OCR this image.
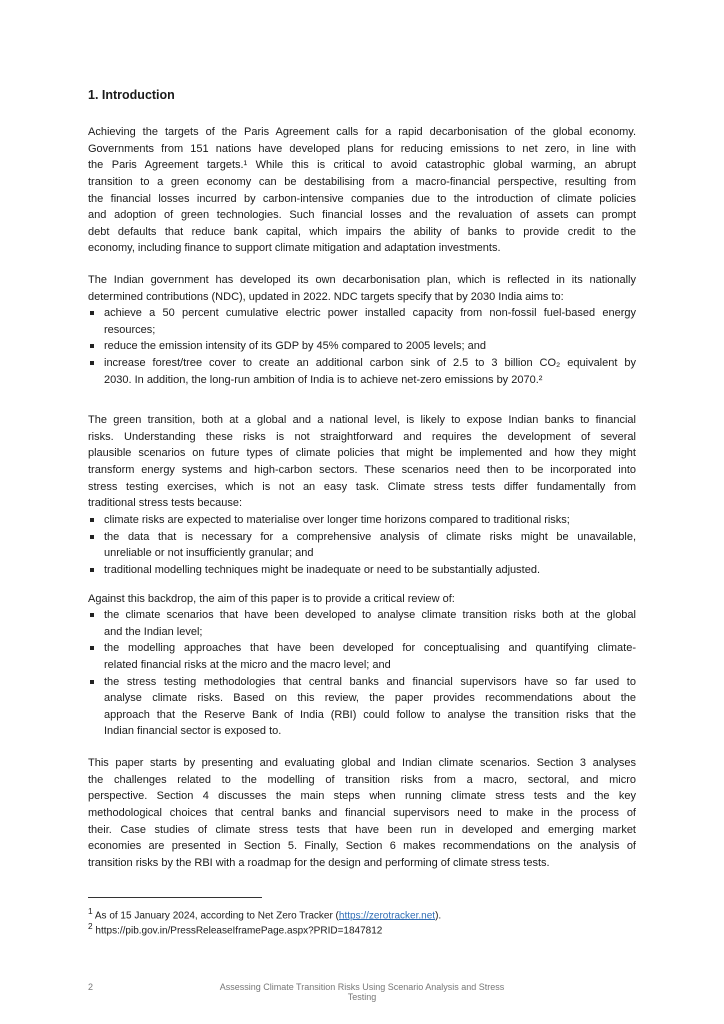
1. Introduction
Achieving the targets of the Paris Agreement calls for a rapid decarbonisation of the global economy.
Governments from 151 nations have developed plans for reducing emissions to net zero, in line with
the Paris Agreement targets.¹ While this is critical to avoid catastrophic global warming, an abrupt
transition to a green economy can be destabilising from a macro-financial perspective, resulting from
the financial losses incurred by carbon-intensive companies due to the introduction of climate policies
and adoption of green technologies. Such financial losses and the revaluation of assets can prompt
debt defaults that reduce bank capital, which impairs the ability of banks to provide credit to the
economy, including finance to support climate mitigation and adaptation investments.
The Indian government has developed its own decarbonisation plan, which is reflected in its nationally
determined contributions (NDC), updated in 2022. NDC targets specify that by 2030 India aims to:
achieve a 50 percent cumulative electric power installed capacity from non-fossil fuel-based energy
resources;
reduce the emission intensity of its GDP by 45% compared to 2005 levels; and
increase forest/tree cover to create an additional carbon sink of 2.5 to 3 billion CO₂ equivalent by
2030. In addition, the long-run ambition of India is to achieve net-zero emissions by 2070.²
The green transition, both at a global and a national level, is likely to expose Indian banks to financial
risks. Understanding these risks is not straightforward and requires the development of several
plausible scenarios on future types of climate policies that might be implemented and how they might
transform energy systems and high-carbon sectors. These scenarios need then to be incorporated into
stress testing exercises, which is not an easy task. Climate stress tests differ fundamentally from
traditional stress tests because:
climate risks are expected to materialise over longer time horizons compared to traditional risks;
the data that is necessary for a comprehensive analysis of climate risks might be unavailable,
unreliable or not insufficiently granular; and
traditional modelling techniques might be inadequate or need to be substantially adjusted.
Against this backdrop, the aim of this paper is to provide a critical review of:
the climate scenarios that have been developed to analyse climate transition risks both at the global
and the Indian level;
the modelling approaches that have been developed for conceptualising and quantifying climate-
related financial risks at the micro and the macro level; and
the stress testing methodologies that central banks and financial supervisors have so far used to
analyse climate risks. Based on this review, the paper provides recommendations about the
approach that the Reserve Bank of India (RBI) could follow to analyse the transition risks that the
Indian financial sector is exposed to.
This paper starts by presenting and evaluating global and Indian climate scenarios. Section 3 analyses
the challenges related to the modelling of transition risks from a macro, sectoral, and micro
perspective. Section 4 discusses the main steps when running climate stress tests and the key
methodological choices that central banks and financial supervisors need to make in the process of
their. Case studies of climate stress tests that have been run in developed and emerging market
economies are presented in Section 5. Finally, Section 6 makes recommendations on the analysis of
transition risks by the RBI with a roadmap for the design and performing of climate stress tests.
$^1$ As of 15 January 2024, according to Net Zero Tracker (https://zerotracker.net).
$^2$ https://pib.gov.in/PressReleaseIframePage.aspx?PRID=1847812
2	Assessing Climate Transition Risks Using Scenario Analysis and Stress Testing
